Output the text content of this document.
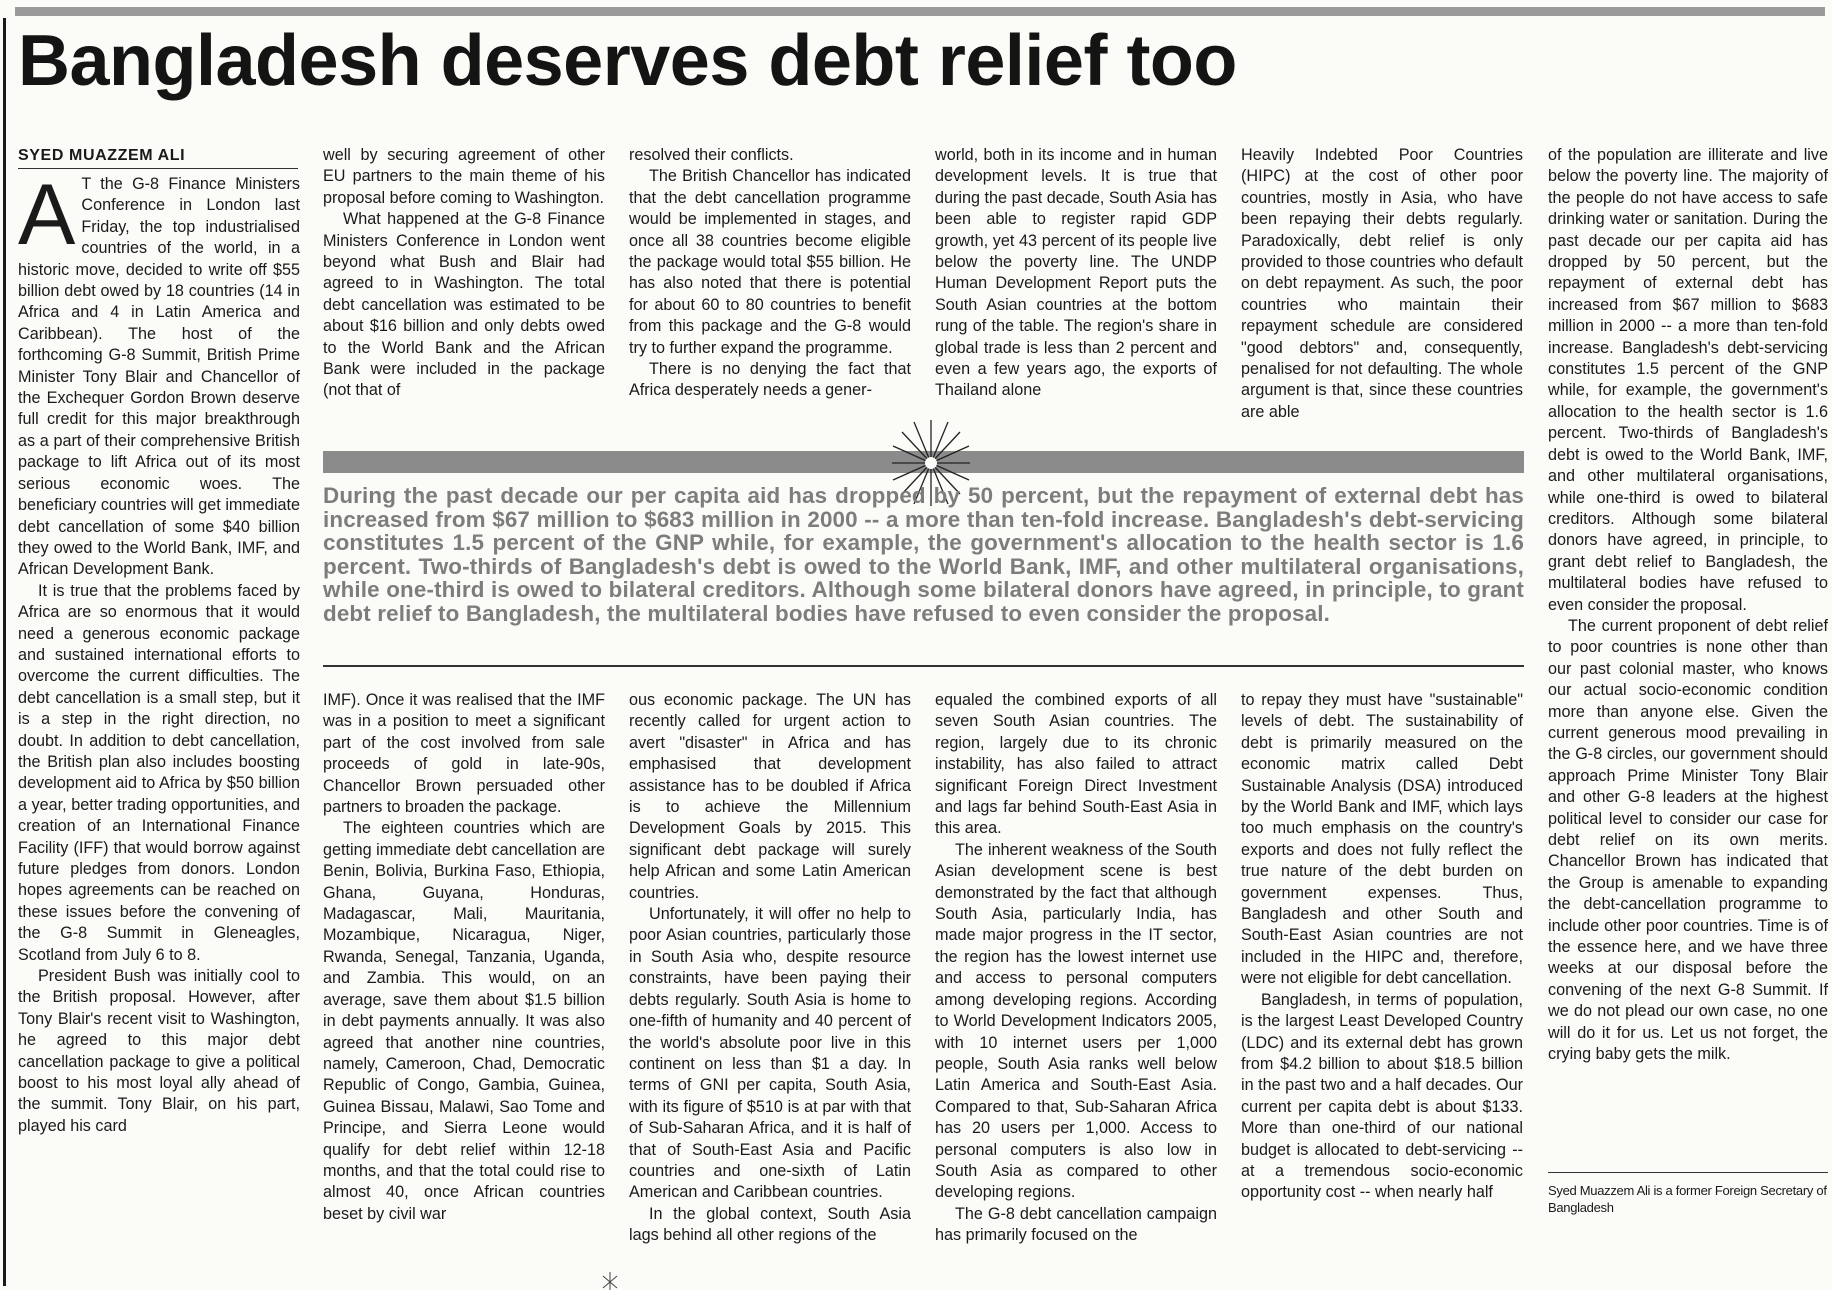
Bangladesh deserves debt relief too
SYED MUAZZEM ALI

A T the G-8 Finance Ministers Conference in London last Friday, the top industrialised countries of the world, in a historic move, decided to write off $55 billion debt owed by 18 countries (14 in Africa and 4 in Latin America and Caribbean). The host of the forthcoming G-8 Summit, British Prime Minister Tony Blair and Chancellor of the Exchequer Gordon Brown deserve full credit for this major breakthrough as a part of their comprehensive British package to lift Africa out of its most serious economic woes. The beneficiary countries will get immediate debt cancellation of some $40 billion they owed to the World Bank, IMF, and African Development Bank.

It is true that the problems faced by Africa are so enormous that it would need a generous economic package and sustained international efforts to overcome the current difficulties. The debt cancellation is a small step, but it is a step in the right direction, no doubt. In addition to debt cancellation, the British plan also includes boosting development aid to Africa by $50 billion a year, better trading opportunities, and creation of an International Finance Facility (IFF) that would borrow against future pledges from donors. London hopes agreements can be reached on these issues before the convening of the G-8 Summit in Gleneagles, Scotland from July 6 to 8.

President Bush was initially cool to the British proposal. However, after Tony Blair's recent visit to Washington, he agreed to this major debt cancellation package to give a political boost to his most loyal ally ahead of the summit. Tony Blair, on his part, played his card

well by securing agreement of other EU partners to the main theme of his proposal before coming to Washington.

What happened at the G-8 Finance Ministers Conference in London went beyond what Bush and Blair had agreed to in Washington. The total debt cancellation was estimated to be about $16 billion and only debts owed to the World Bank and the African Bank were included in the package (not that of

resolved their conflicts.

The British Chancellor has indicated that the debt cancellation programme would be implemented in stages, and once all 38 countries become eligible the package would total $55 billion. He has also noted that there is potential for about 60 to 80 countries to benefit from this package and the G-8 would try to further expand the programme.

There is no denying the fact that Africa desperately needs a gener-

world, both in its income and in human development levels. It is true that during the past decade, South Asia has been able to register rapid GDP growth, yet 43 percent of its people live below the poverty line. The UNDP Human Development Report puts the South Asian countries at the bottom rung of the table. The region's share in global trade is less than 2 percent and even a few years ago, the exports of Thailand alone

Heavily Indebted Poor Countries (HIPC) at the cost of other poor countries, mostly in Asia, who have been repaying their debts regularly. Paradoxically, debt relief is only provided to those countries who default on debt repayment. As such, the poor countries who maintain their repayment schedule are considered "good debtors" and, consequently, penalised for not defaulting. The whole argument is that, since these countries are able

During the past decade our per capita aid has dropped by 50 percent, but the repayment of external debt has increased from $67 million to $683 million in 2000 -- a more than ten-fold increase. Bangladesh's debt-servicing constitutes 1.5 percent of the GNP while, for example, the government's allocation to the health sector is 1.6 percent. Two-thirds of Bangladesh's debt is owed to the World Bank, IMF, and other multilateral organisations, while one-third is owed to bilateral creditors. Although some bilateral donors have agreed, in principle, to grant debt relief to Bangladesh, the multilateral bodies have refused to even consider the proposal.

IMF). Once it was realised that the IMF was in a position to meet a significant part of the cost involved from sale proceeds of gold in late-90s, Chancellor Brown persuaded other partners to broaden the package.

The eighteen countries which are getting immediate debt cancellation are Benin, Bolivia, Burkina Faso, Ethiopia, Ghana, Guyana, Honduras, Madagascar, Mali, Mauritania, Mozambique, Nicaragua, Niger, Rwanda, Senegal, Tanzania, Uganda, and Zambia. This would, on an average, save them about $1.5 billion in debt payments annually. It was also agreed that another nine countries, namely, Cameroon, Chad, Democratic Republic of Congo, Gambia, Guinea, Guinea Bissau, Malawi, Sao Tome and Principe, and Sierra Leone would qualify for debt relief within 12-18 months, and that the total could rise to almost 40, once African countries beset by civil war

ous economic package. The UN has recently called for urgent action to avert "disaster" in Africa and has emphasised that development assistance has to be doubled if Africa is to achieve the Millennium Development Goals by 2015. This significant debt package will surely help African and some Latin American countries.

Unfortunately, it will offer no help to poor Asian countries, particularly those in South Asia who, despite resource constraints, have been paying their debts regularly. South Asia is home to one-fifth of humanity and 40 percent of the world's absolute poor live in this continent on less than $1 a day. In terms of GNI per capita, South Asia, with its figure of $510 is at par with that of Sub-Saharan Africa, and it is half of that of South-East Asia and Pacific countries and one-sixth of Latin American and Caribbean countries.

In the global context, South Asia lags behind all other regions of the

equaled the combined exports of all seven South Asian countries. The region, largely due to its chronic instability, has also failed to attract significant Foreign Direct Investment and lags far behind South-East Asia in this area.

The inherent weakness of the South Asian development scene is best demonstrated by the fact that although South Asia, particularly India, has made major progress in the IT sector, the region has the lowest internet use and access to personal computers among developing regions. According to World Development Indicators 2005, with 10 internet users per 1,000 people, South Asia ranks well below Latin America and South-East Asia. Compared to that, Sub-Saharan Africa has 20 users per 1,000. Access to personal computers is also low in South Asia as compared to other developing regions.

The G-8 debt cancellation campaign has primarily focused on the

to repay they must have "sustainable" levels of debt. The sustainability of debt is primarily measured on the economic matrix called Debt Sustainable Analysis (DSA) introduced by the World Bank and IMF, which lays too much emphasis on the country's exports and does not fully reflect the true nature of the debt burden on government expenses. Thus, Bangladesh and other South and South-East Asian countries are not included in the HIPC and, therefore, were not eligible for debt cancellation.

Bangladesh, in terms of population, is the largest Least Developed Country (LDC) and its external debt has grown from $4.2 billion to about $18.5 billion in the past two and a half decades. Our current per capita debt is about $133. More than one-third of our national budget is allocated to debt-servicing -- at a tremendous socio-economic opportunity cost -- when nearly half

of the population are illiterate and live below the poverty line. The majority of the people do not have access to safe drinking water or sanitation. During the past decade our per capita aid has dropped by 50 percent, but the repayment of external debt has increased from $67 million to $683 million in 2000 -- a more than ten-fold increase. Bangladesh's debt-servicing constitutes 1.5 percent of the GNP while, for example, the government's allocation to the health sector is 1.6 percent. Two-thirds of Bangladesh's debt is owed to the World Bank, IMF, and other multilateral organisations, while one-third is owed to bilateral creditors. Although some bilateral donors have agreed, in principle, to grant debt relief to Bangladesh, the multilateral bodies have refused to even consider the proposal.

The current proponent of debt relief to poor countries is none other than our past colonial master, who knows our actual socio-economic condition more than anyone else. Given the current generous mood prevailing in the G-8 circles, our government should approach Prime Minister Tony Blair and other G-8 leaders at the highest political level to consider our case for debt relief on its own merits. Chancellor Brown has indicated that the Group is amenable to expanding the debt-cancellation programme to include other poor countries. Time is of the essence here, and we have three weeks at our disposal before the convening of the next G-8 Summit. If we do not plead our own case, no one will do it for us. Let us not forget, the crying baby gets the milk.

Syed Muazzem Ali is a former Foreign Secretary of Bangladesh
